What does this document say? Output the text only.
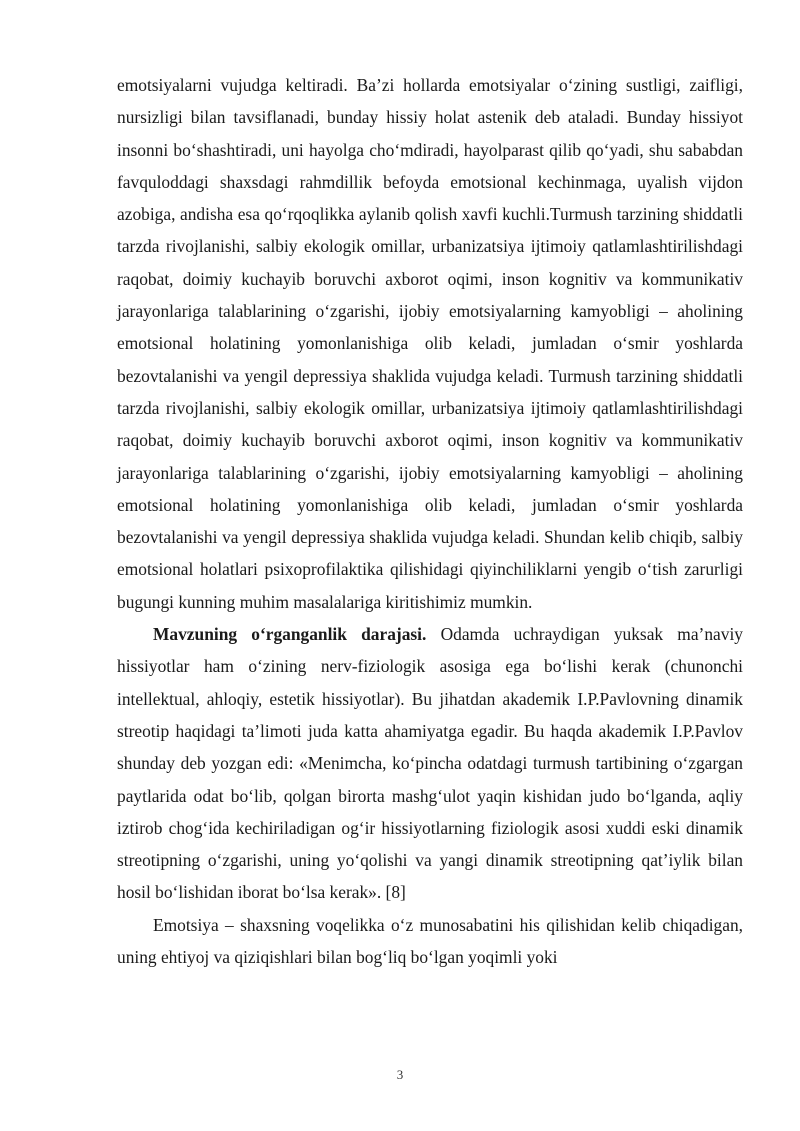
emotsiyalarni vujudga keltiradi. Ba’zi hollarda emotsiyalar o‘zining sustligi, zaifligi, nursizligi bilan tavsiflanadi, bunday hissiy holat astenik deb ataladi. Bunday hissiyot insonni bo‘shashtiradi, uni hayolga cho‘mdiradi, hayolparast qilib qo‘yadi, shu sababdan favquloddagi shaxsdagi rahmdillik befoyda emotsional kechinmaga, uyalish vijdon azobiga, andisha esa qo‘rqoqlikka aylanib qolish xavfi kuchli.Turmush tarzining shiddatli tarzda rivojlanishi, salbiy ekologik omillar, urbanizatsiya ijtimoiy qatlamlashtirilishdagi raqobat, doimiy kuchayib boruvchi axborot oqimi, inson kognitiv va kommunikativ jarayonlariga talablarining o‘zgarishi, ijobiy emotsiyalarning kamyobligi – aholining emotsional holatining yomonlanishiga olib keladi, jumladan o‘smir yoshlarda bezovtalanishi va yengil depressiya shaklida vujudga keladi. Turmush tarzining shiddatli tarzda rivojlanishi, salbiy ekologik omillar, urbanizatsiya ijtimoiy qatlamlashtirilishdagi raqobat, doimiy kuchayib boruvchi axborot oqimi, inson kognitiv va kommunikativ jarayonlariga talablarining o‘zgarishi, ijobiy emotsiyalarning kamyobligi – aholining emotsional holatining yomonlanishiga olib keladi, jumladan o‘smir yoshlarda bezovtalanishi va yengil depressiya shaklida vujudga keladi. Shundan kelib chiqib, salbiy emotsional holatlari psixoprofilaktika qilishidagi qiyinchiliklarni yengib o‘tish zarurligi bugungi kunning muhim masalalariga kiritishimiz mumkin.

Mavzuning o‘rganganlik darajasi. Odamda uchraydigan yuksak ma’naviy hissiyotlar ham o‘zining nerv-fiziologik asosiga ega bo‘lishi kerak (chunonchi intellektual, ahloqiy, estetik hissiyotlar). Bu jihatdan akademik I.P.Pavlovning dinamik streotip haqidagi ta’limoti juda katta ahamiyatga egadir. Bu haqda akademik I.P.Pavlov shunday deb yozgan edi: «Menimcha, ko‘pincha odatdagi turmush tartibining o‘zgargan paytlarida odat bo‘lib, qolgan birorta mashg‘ulot yaqin kishidan judo bo‘lganda, aqliy iztirob chog‘ida kechiriladigan og‘ir hissiyotlarning fiziologik asosi xuddi eski dinamik streotipning o‘zgarishi, uning yo‘qolishi va yangi dinamik streotipning qat’iylik bilan hosil bo‘lishidan iborat bo‘lsa kerak». [8]

Emotsiya – shaxsning voqelikka o‘z munosabatini his qilishidan kelib chiqadigan, uning ehtiyoj va qiziqishlari bilan bog‘liq bo‘lgan yoqimli yoki

3
